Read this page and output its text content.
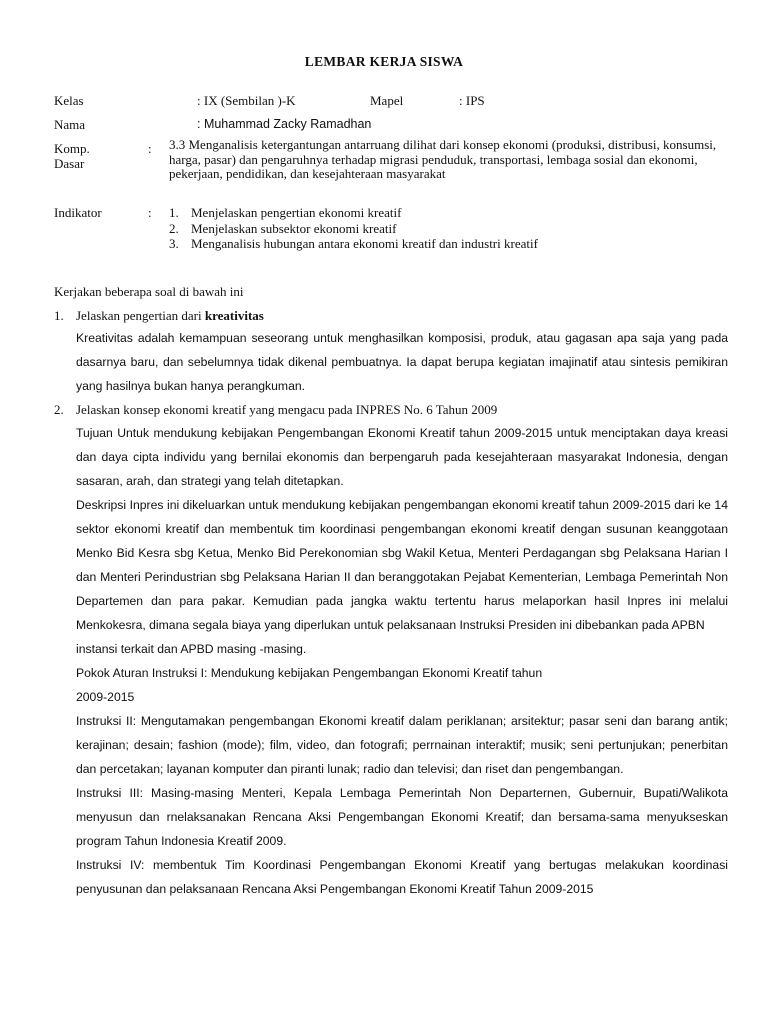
LEMBAR KERJA SISWA
Kelas	: IX (Sembilan )-K	Mapel	: IPS
Nama	: Muhammad Zacky Ramadhan
Komp.
Dasar
: 3.3 Menganalisis ketergantungan antarruang dilihat dari konsep ekonomi (produksi, distribusi, konsumsi, harga, pasar) dan pengaruhnya terhadap migrasi penduduk, transportasi, lembaga sosial dan ekonomi, pekerjaan, pendidikan, dan kesejahteraan masyarakat
Indikator	: 1. Menjelaskan pengertian ekonomi kreatif
2. Menjelaskan subsektor ekonomi kreatif
3. Menganalisis hubungan antara ekonomi kreatif dan industri kreatif
Kerjakan beberapa soal di bawah ini
1. Jelaskan pengertian dari kreativitas

Kreativitas adalah kemampuan seseorang untuk menghasilkan komposisi, produk, atau gagasan apa saja yang pada dasarnya baru, dan sebelumnya tidak dikenal pembuatnya. Ia dapat berupa kegiatan imajinatif atau sintesis pemikiran yang hasilnya bukan hanya perangkuman.

2. Jelaskan konsep ekonomi kreatif yang mengacu pada INPRES No. 6 Tahun 2009

Tujuan Untuk mendukung kebijakan Pengembangan Ekonomi Kreatif tahun 2009-2015 untuk menciptakan daya kreasi dan daya cipta individu yang bernilai ekonomis dan berpengaruh pada kesejahteraan masyarakat Indonesia, dengan sasaran, arah, dan strategi yang telah ditetapkan.

Deskripsi Inpres ini dikeluarkan untuk mendukung kebijakan pengembangan ekonomi kreatif tahun 2009-2015 dari ke 14 sektor ekonomi kreatif dan membentuk tim koordinasi pengembangan ekonomi kreatif dengan susunan keanggotaan Menko Bid Kesra sbg Ketua, Menko Bid Perekonomian sbg Wakil Ketua, Menteri Perdagangan sbg Pelaksana Harian I dan Menteri Perindustrian sbg Pelaksana Harian II dan beranggotakan Pejabat Kementerian, Lembaga Pemerintah Non Departemen dan para pakar. Kemudian pada jangka waktu tertentu harus melaporkan hasil Inpres ini melalui Menkokesra, dimana segala biaya yang diperlukan untuk pelaksanaan Instruksi Presiden ini dibebankan pada APBN

instansi terkait dan APBD masing -masing.

Pokok Aturan Instruksi I: Mendukung kebijakan Pengembangan Ekonomi Kreatif tahun

2009-2015

Instruksi II: Mengutamakan pengembangan Ekonomi kreatif dalam periklanan; arsitektur; pasar seni dan barang antik; kerajinan; desain; fashion (mode); film, video, dan fotografi; perrnainan interaktif; musik; seni pertunjukan; penerbitan dan percetakan; layanan komputer dan piranti lunak; radio dan televisi; dan riset dan pengembangan.

Instruksi III: Masing-masing Menteri, Kepala Lembaga Pemerintah Non Departernen, Gubernuir, Bupati/Walikota menyusun dan rnelaksanakan Rencana Aksi Pengembangan Ekonomi Kreatif; dan bersama-sama menyukseskan program Tahun Indonesia Kreatif 2009.

Instruksi IV: membentuk Tim Koordinasi Pengembangan Ekonomi Kreatif yang bertugas melakukan koordinasi penyusunan dan pelaksanaan Rencana Aksi Pengembangan Ekonomi Kreatif Tahun 2009-2015
